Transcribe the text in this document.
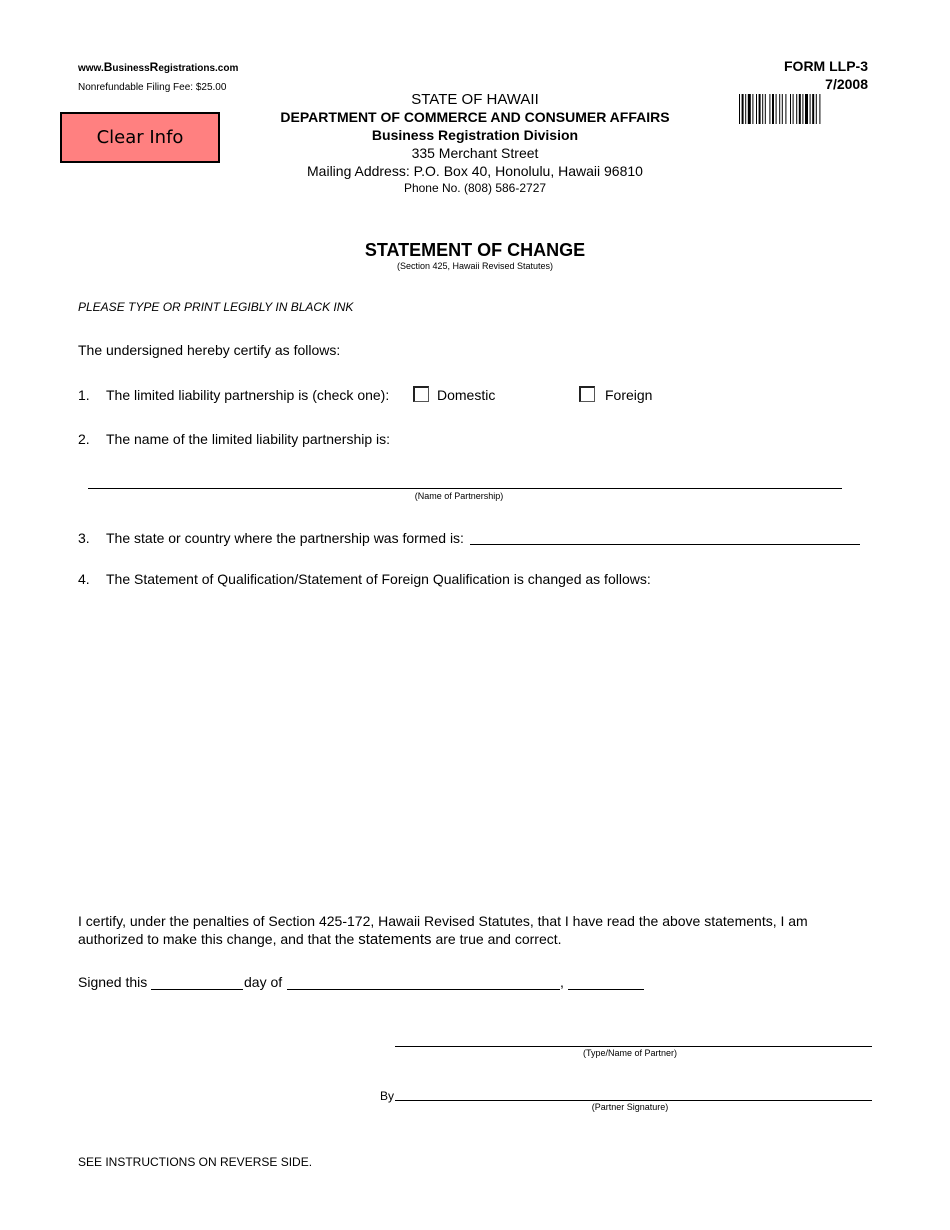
www.BusinessRegistrations.com
Nonrefundable Filing Fee: $25.00
FORM LLP-3
7/2008
Clear Info
STATE OF HAWAII
DEPARTMENT OF COMMERCE AND CONSUMER AFFAIRS
Business Registration Division
335 Merchant Street
Mailing Address: P.O. Box 40, Honolulu, Hawaii 96810
Phone No. (808) 586-2727
STATEMENT OF CHANGE
(Section 425, Hawaii Revised Statutes)
PLEASE TYPE OR PRINT LEGIBLY IN BLACK INK
The undersigned hereby certify as follows:
1. The limited liability partnership is (check one):	Domestic	Foreign
2. The name of the limited liability partnership is:
(Name of Partnership)
3. The state or country where the partnership was formed is:
4. The Statement of Qualification/Statement of Foreign Qualification is changed as follows:
I certify, under the penalties of Section 425-172, Hawaii Revised Statutes, that I have read the above statements, I am
authorized to make this change, and that the statements are true and correct.
Signed this	day of	,
(Type/Name of Partner)
By
(Partner Signature)
SEE INSTRUCTIONS ON REVERSE SIDE.
